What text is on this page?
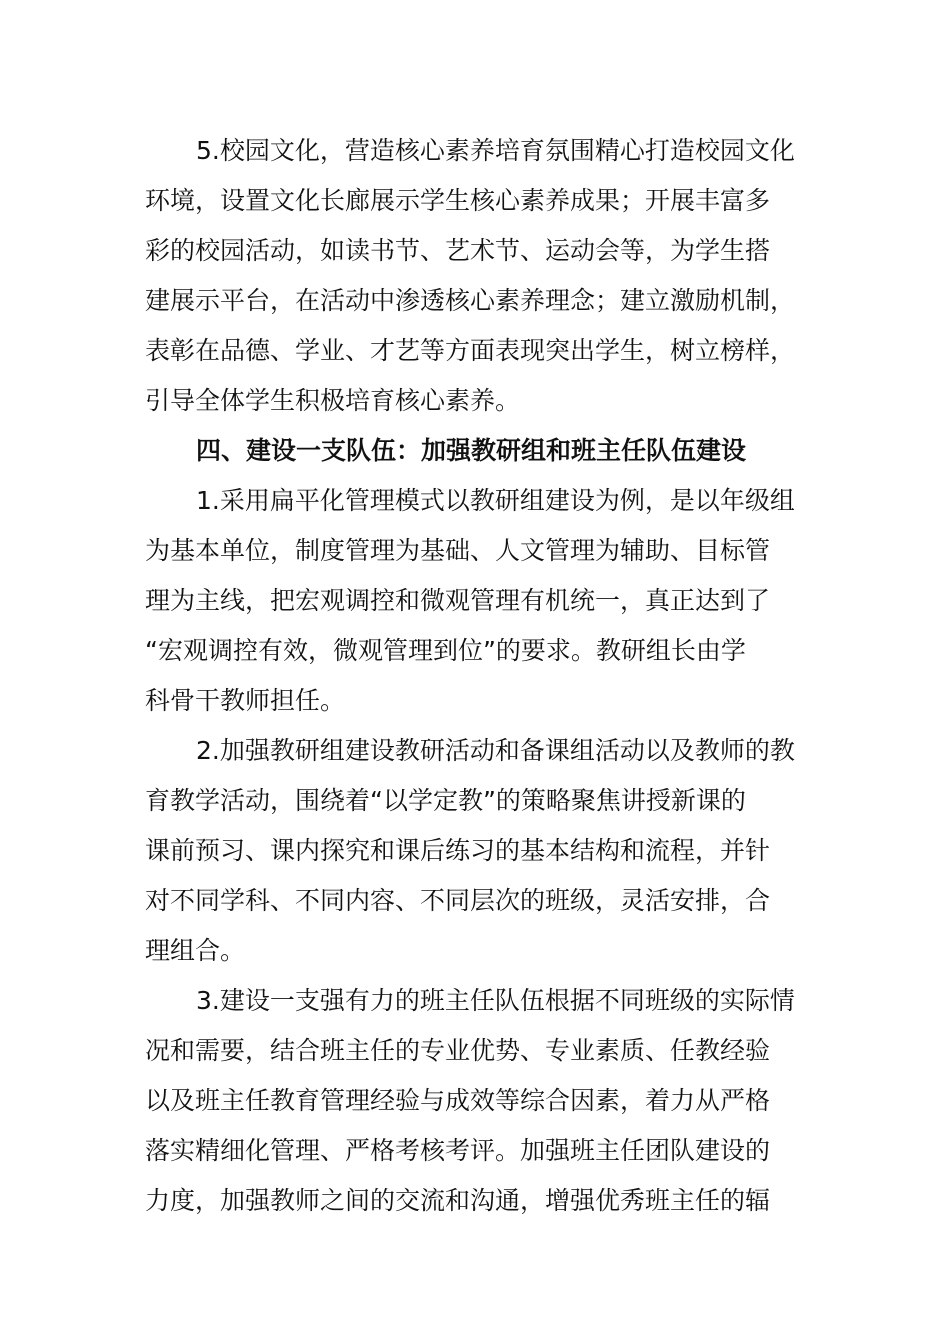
5.校园文化，营造核心素养培育氛围精心打造校园文化
环境，设置文化长廊展示学生核心素养成果；开展丰富多
彩的校园活动，如读书节、艺术节、运动会等，为学生搭
建展示平台，在活动中渗透核心素养理念；建立激励机制，
表彰在品德、学业、才艺等方面表现突出学生，树立榜样，
引导全体学生积极培育核心素养。
四、建设一支队伍：加强教研组和班主任队伍建设
1.采用扁平化管理模式以教研组建设为例，是以年级组
为基本单位，制度管理为基础、人文管理为辅助、目标管
理为主线，把宏观调控和微观管理有机统一，真正达到了
“宏观调控有效，微观管理到位”的要求。教研组长由学
科骨干教师担任。
2.加强教研组建设教研活动和备课组活动以及教师的教
育教学活动，围绕着“以学定教”的策略聚焦讲授新课的
课前预习、课内探究和课后练习的基本结构和流程，并针
对不同学科、不同内容、不同层次的班级，灵活安排，合
理组合。
3.建设一支强有力的班主任队伍根据不同班级的实际情
况和需要，结合班主任的专业优势、专业素质、任教经验
以及班主任教育管理经验与成效等综合因素，着力从严格
落实精细化管理、严格考核考评。加强班主任团队建设的
力度，加强教师之间的交流和沟通，增强优秀班主任的辐
